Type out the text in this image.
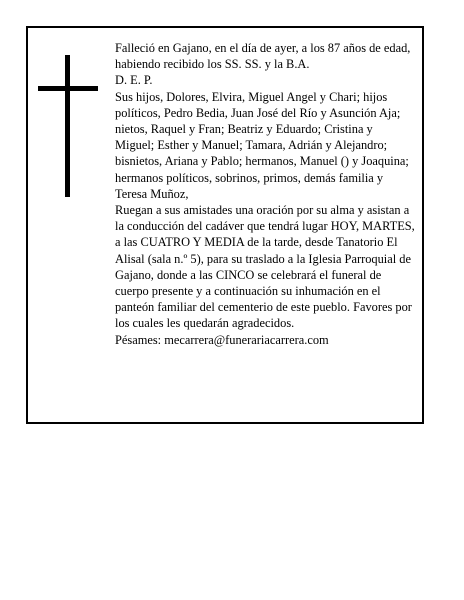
Falleció en Gajano, en el día de ayer, a los 87 años de edad, habiendo recibido los SS. SS. y la B.A.

D. E. P.

Sus hijos, Dolores, Elvira, Miguel Angel y Chari; hijos políticos, Pedro Bedia, Juan José del Río y Asunción Aja; nietos, Raquel y Fran; Beatriz y Eduardo; Cristina y Miguel; Esther y Manuel; Tamara, Adrián y Alejandro; bisnietos, Ariana y Pablo; hermanos, Manuel () y Joaquina; hermanos políticos, sobrinos, primos, demás familia y Teresa Muñoz,

Ruegan a sus amistades una oración por su alma y asistan a la conducción del cadáver que tendrá lugar HOY, MARTES, a las CUATRO Y MEDIA de la tarde, desde Tanatorio El Alisal (sala n.º 5), para su traslado a la Iglesia Parroquial de Gajano, donde a las CINCO se celebrará el funeral de cuerpo presente y a continuación su inhumación en el panteón familiar del cementerio de este pueblo. Favores por los cuales les quedarán agradecidos.

Pésames: mecarrera@funerariacarrera.com
